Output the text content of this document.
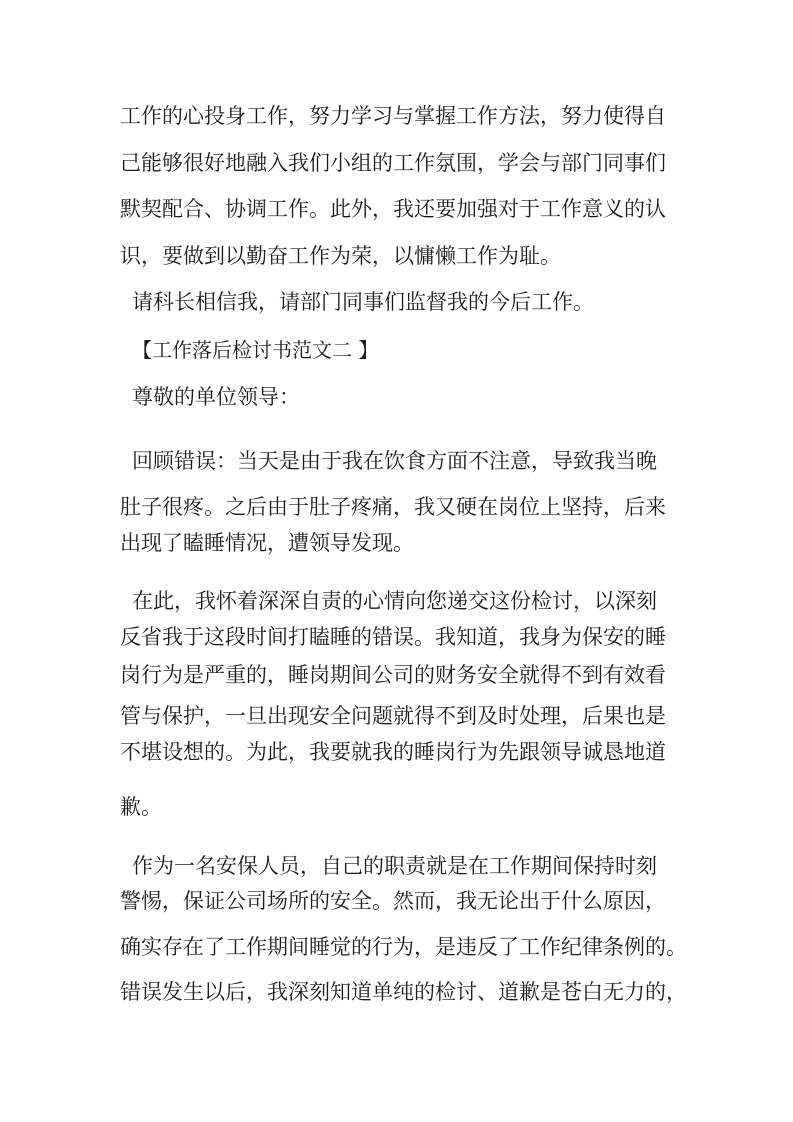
工作的心投身工作，努力学习与掌握工作方法，努力使得自

己能够很好地融入我们小组的工作氛围，学会与部门同事们

默契配合、协调工作。此外，我还要加强对于工作意义的认

识，要做到以勤奋工作为荣，以慵懒工作为耻。

请科长相信我，请部门同事们监督我的今后工作。

【工作落后检讨书范文二 】

尊敬的单位领导：

回顾错误：当天是由于我在饮食方面不注意，导致我当晚

肚子很疼。之后由于肚子疼痛，我又硬在岗位上坚持，后来

出现了瞌睡情况，遭领导发现。

在此，我怀着深深自责的心情向您递交这份检讨，以深刻

反省我于这段时间打瞌睡的错误。我知道，我身为保安的睡

岗行为是严重的，睡岗期间公司的财务安全就得不到有效看

管与保护，一旦出现安全问题就得不到及时处理，后果也是

不堪设想的。为此，我要就我的睡岗行为先跟领导诚恳地道

歉。

作为一名安保人员，自己的职责就是在工作期间保持时刻

警惕，保证公司场所的安全。然而，我无论出于什么原因，

确实存在了工作期间睡觉的行为，是违反了工作纪律条例的。

错误发生以后，我深刻知道单纯的检讨、道歉是苍白无力的，
